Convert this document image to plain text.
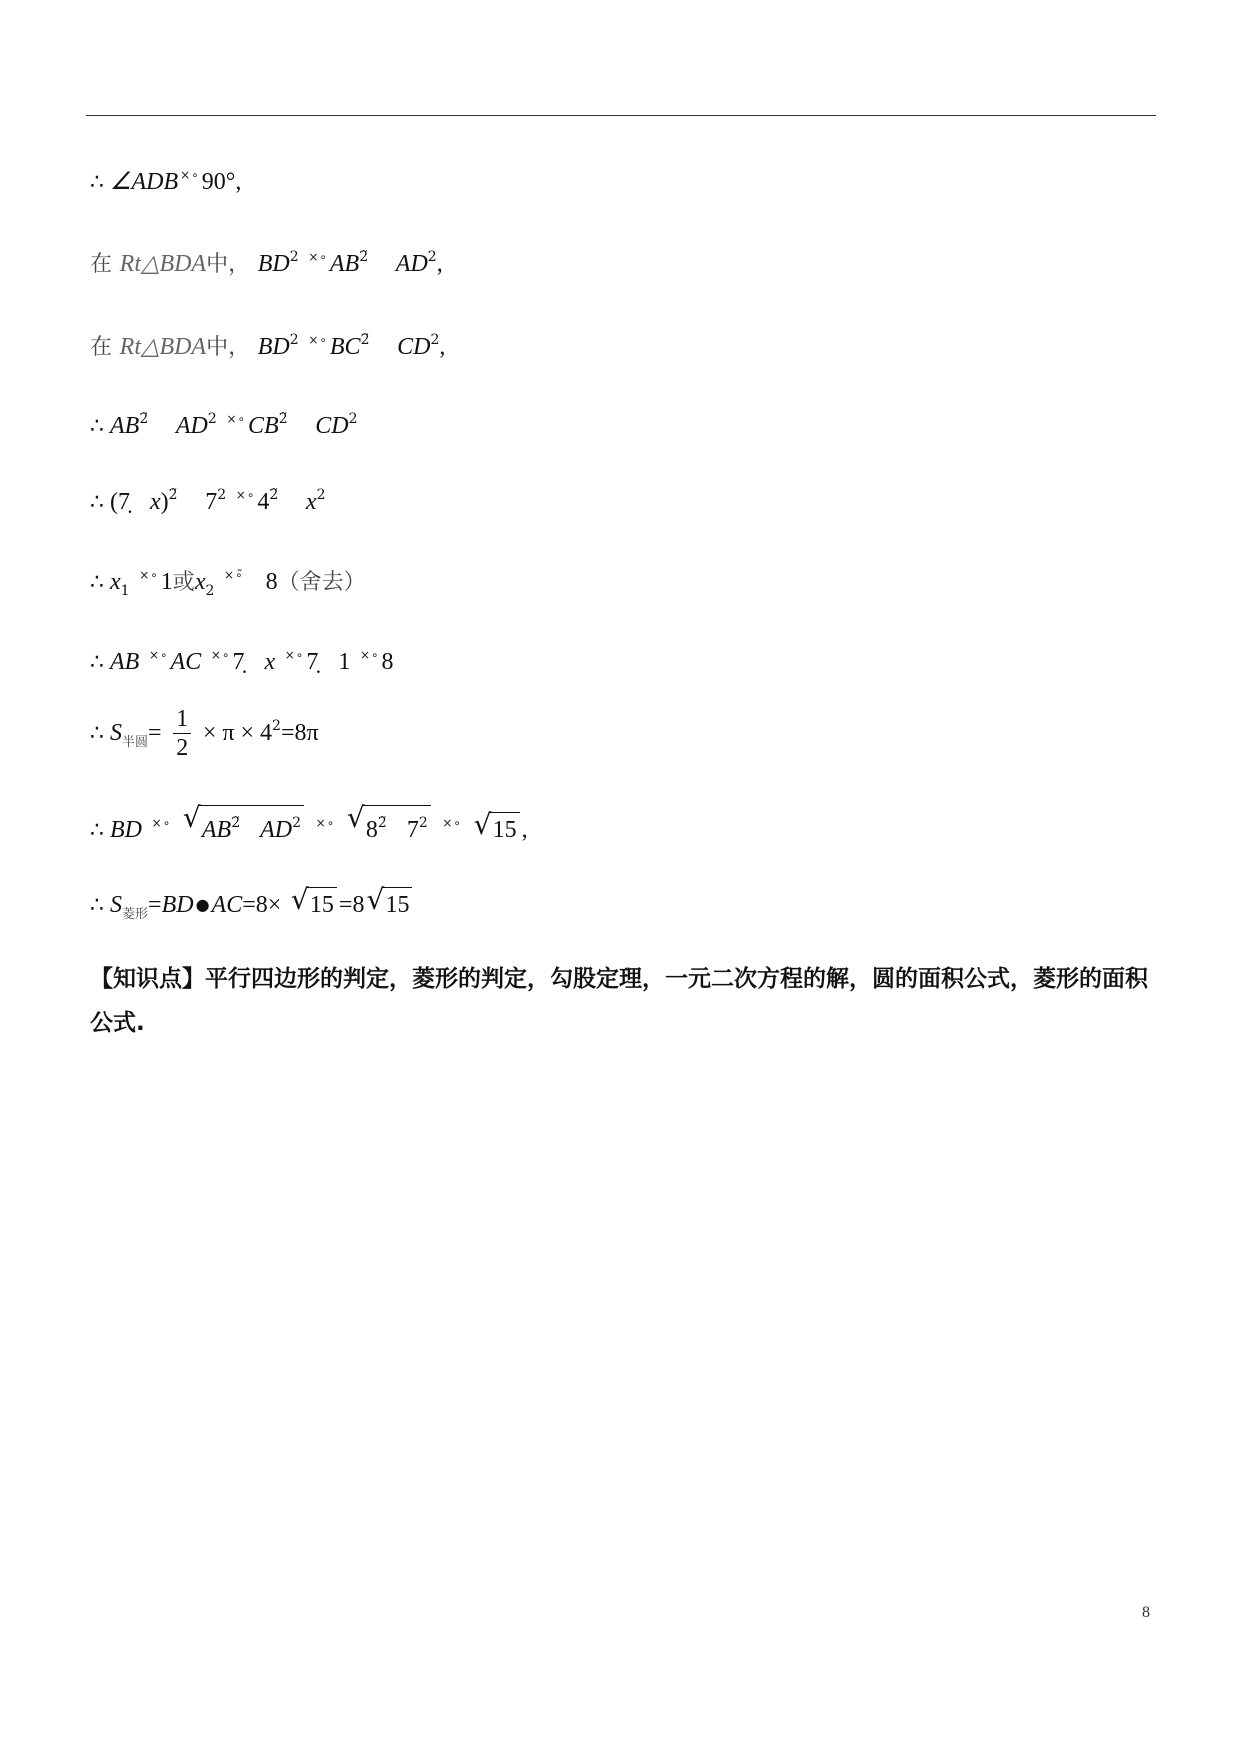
∴ ∠ADB ×∘90°,
在 Rt△BDA中， $BD^2$ $^{\times\circ}AB^{2̃}$ $AD^2$,
在 Rt△BDA中， $BD^2$ $^{\times\circ}BC^{2̃}$ $CD^2$,
∴ $AB^{2̃}$ $AD^2$ $^{\times\circ}CB^{2̃}$ $CD^2$
∴ (7̣ x)$^{2̃}$ $7^2$ $^{\times\circ}4^{2̃}$ $x^2$
∴ $x_1$ ×∘1或$x_2$ ×∘̃ 8（舍去）
∴ AB ×∘AC ×∘7̣ x ×∘7̣ 1 ×∘8
∴ $S_{半圆}= \frac{1}{2} \times \pi \times 4^2=8\pi$
∴ BD ×∘ √ $AB^{2̃}$ $AD^2$ ×∘ √ $8^{2̃}$ $7^2$ ×∘ √ 15 ,
∴ $S_{菱形}=BD$ ●AC=8× √ 15 =8 √ 15
【知识点】平行四边形的判定，菱形的判定，勾股定理，一元二次方程的解，圆的面积公式，菱形的面积公式.
8
